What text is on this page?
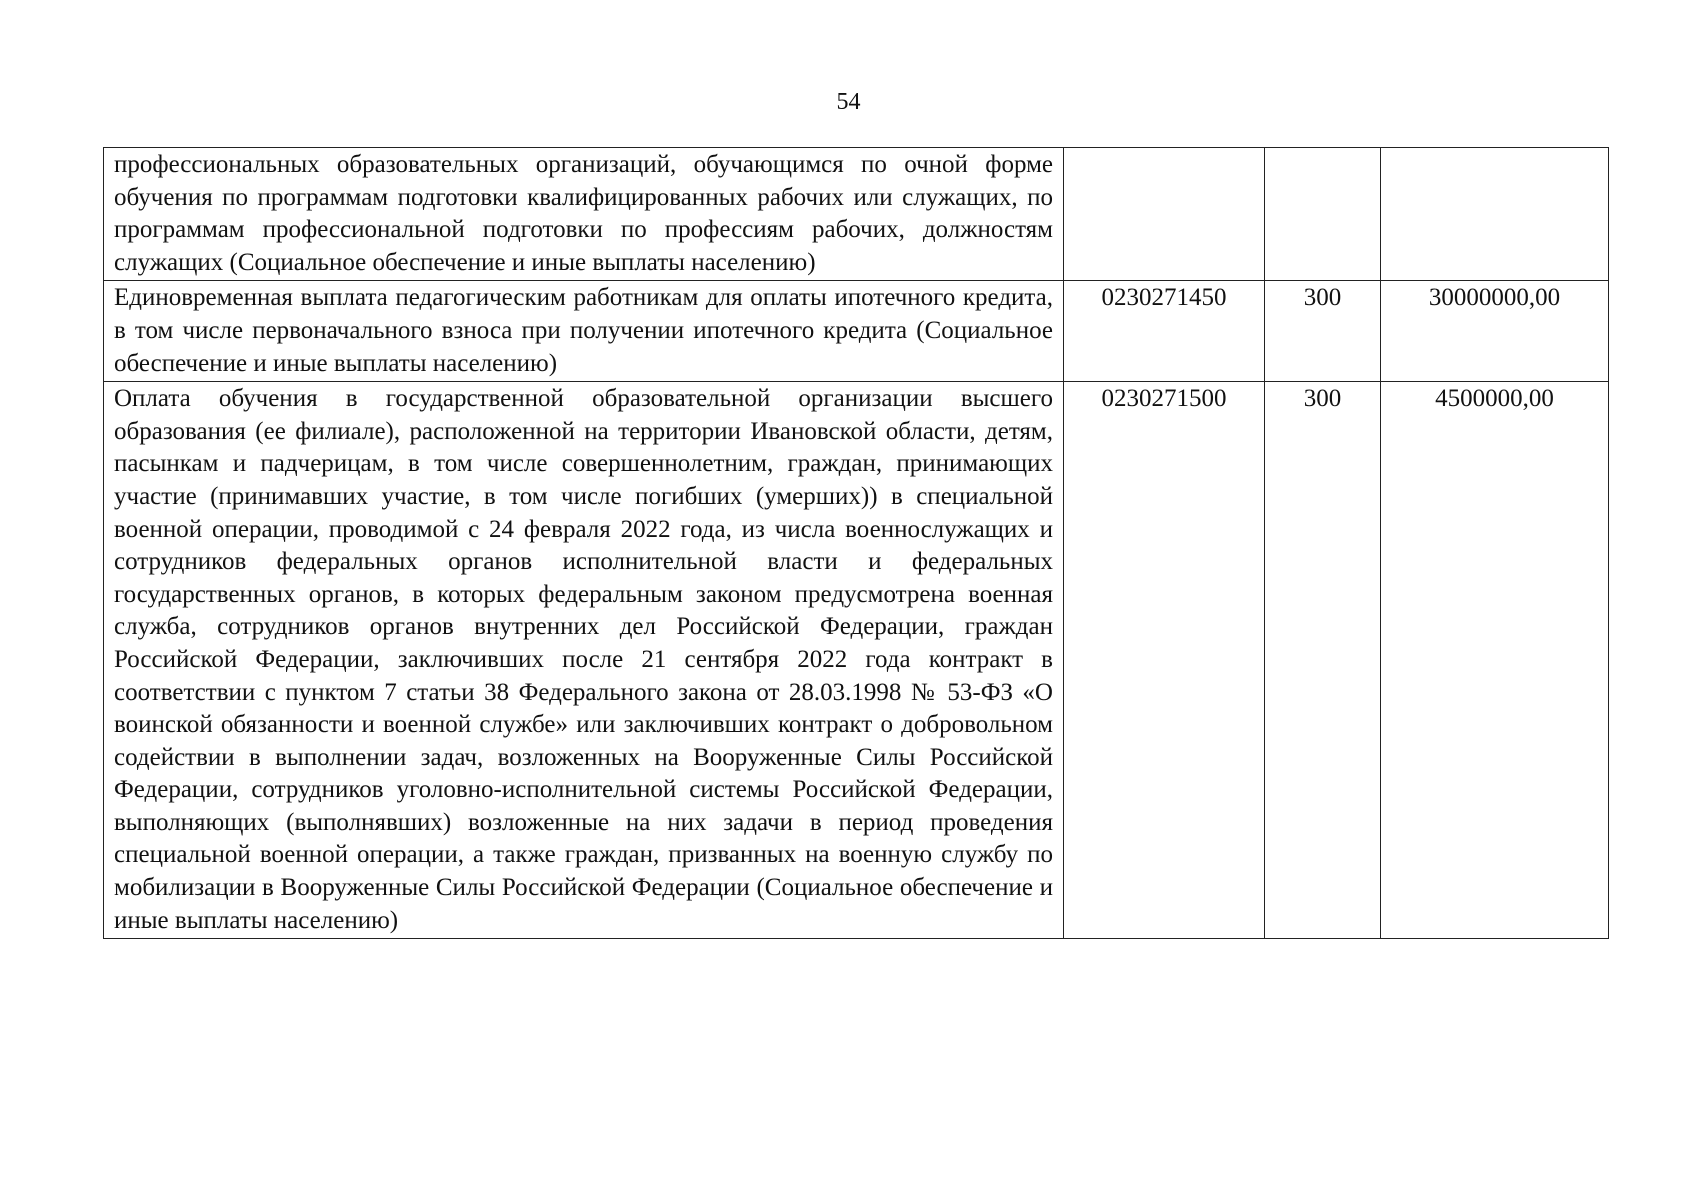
54
профессиональных образовательных организаций, обучающимся по очной форме обучения по программам подготовки квалифицированных рабочих или служащих, по программам профессиональной подготовки по профессиям рабочих, должностям служащих (Социальное обеспечение и иные выплаты населению)			

Единовременная выплата педагогическим работникам для оплаты ипотечного кредита, в том числе первоначального взноса при получении ипотечного кредита (Социальное обеспечение и иные выплаты населению)	0230271450	300	30000000,00

Оплата обучения в государственной образовательной организации высшего образования (ее филиале), расположенной на территории Ивановской области, детям, пасынкам и падчерицам, в том числе совершеннолетним, граждан, принимающих участие (принимавших участие, в том числе погибших (умерших)) в специальной военной операции, проводимой с 24 февраля 2022 года, из числа военнослужащих и сотрудников федеральных органов исполнительной власти и федеральных государственных органов, в которых федеральным законом предусмотрена военная служба, сотрудников органов внутренних дел Российской Федерации, граждан Российской Федерации, заключивших после 21 сентября 2022 года контракт в соответствии с пунктом 7 статьи 38 Федерального закона от 28.03.1998 № 53-ФЗ «О воинской обязанности и военной службе» или заключивших контракт о добровольном содействии в выполнении задач, возложенных на Вооруженные Силы Российской Федерации, сотрудников уголовно-исполнительной системы Российской Федерации, выполняющих (выполнявших) возложенные на них задачи в период проведения специальной военной операции, а также граждан, призванных на военную службу по мобилизации в Вооруженные Силы Российской Федерации (Социальное обеспечение и иные выплаты населению)	0230271500	300	4500000,00
